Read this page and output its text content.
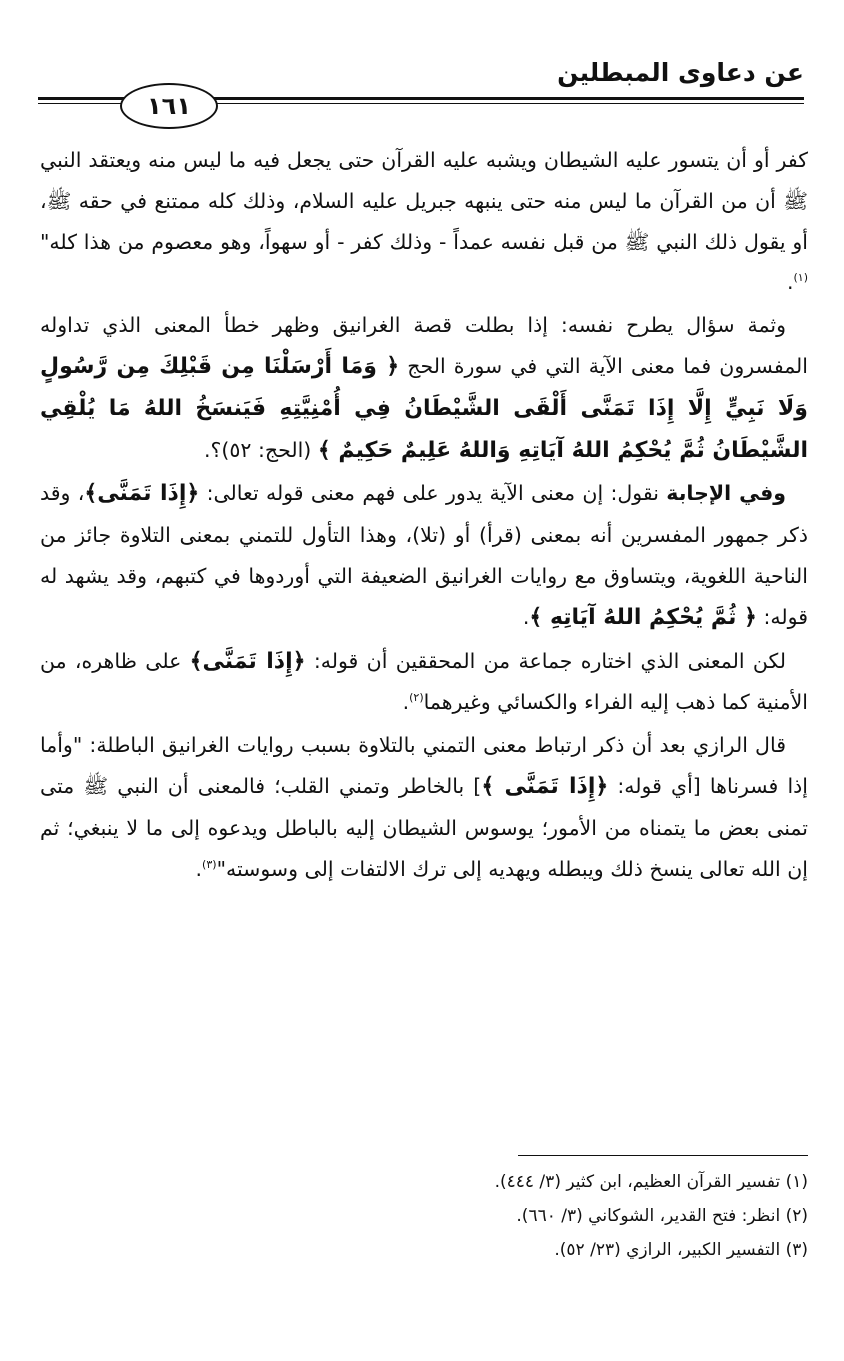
عن دعاوى المبطلين
١٦١

كفر أو أن يتسور عليه الشيطان ويشبه عليه القرآن حتى يجعل فيه ما ليس منه ويعتقد النبي ﷺ أن من القرآن ما ليس منه حتى ينبهه جبريل عليه السلام، وذلك كله ممتنع في حقه ﷺ، أو يقول ذلك النبي ﷺ من قبل نفسه عمداً - وذلك كفر - أو سهواً، وهو معصوم من هذا كله"$^{(١)}$.

وثمة سؤال يطرح نفسه: إذا بطلت قصة الغرانيق وظهر خطأ المعنى الذي تداوله المفسرون فما معنى الآية التي في سورة الحج ﴿ وَمَا أَرْسَلْنَا مِن قَبْلِكَ مِن رَّسُولٍ وَلَا نَبِيٍّ إِلَّا إِذَا تَمَنَّى أَلْقَى الشَّيْطَانُ فِي أُمْنِيَّتِهِ فَيَنسَخُ اللهُ مَا يُلْقِي الشَّيْطَانُ ثُمَّ يُحْكِمُ اللهُ آيَاتِهِ وَاللهُ عَلِيمٌ حَكِيمٌ ﴾ (الحج: ٥٢)؟.

وفي الإجابة نقول: إن معنى الآية يدور على فهم معنى قوله تعالى: ﴿إِذَا تَمَنَّى﴾، وقد ذكر جمهور المفسرين أنه بمعنى (قرأ) أو (تلا)، وهذا التأول للتمني بمعنى التلاوة جائز من الناحية اللغوية، ويتساوق مع روايات الغرانيق الضعيفة التي أوردوها في كتبهم، وقد يشهد له قوله: ﴿ ثُمَّ يُحْكِمُ اللهُ آيَاتِهِ ﴾.

لكن المعنى الذي اختاره جماعة من المحققين أن قوله: ﴿إِذَا تَمَنَّى﴾ على ظاهره، من الأمنية كما ذهب إليه الفراء والكسائي وغيرهما$^{(٢)}$.

قال الرازي بعد أن ذكر ارتباط معنى التمني بالتلاوة بسبب روايات الغرانيق الباطلة: "وأما إذا فسرناها [أي قوله: ﴿إِذَا تَمَنَّى ﴾] بالخاطر وتمني القلب؛ فالمعنى أن النبي ﷺ متى تمنى بعض ما يتمناه من الأمور؛ يوسوس الشيطان إليه بالباطل ويدعوه إلى ما لا ينبغي؛ ثم إن الله تعالى ينسخ ذلك ويبطله ويهديه إلى ترك الالتفات إلى وسوسته"$^{(٣)}$.

(١) تفسير القرآن العظيم، ابن كثير (٣/ ٤٤٤).
(٢) انظر: فتح القدير، الشوكاني (٣/ ٦٦٠).
(٣) التفسير الكبير، الرازي (٢٣/ ٥٢).
